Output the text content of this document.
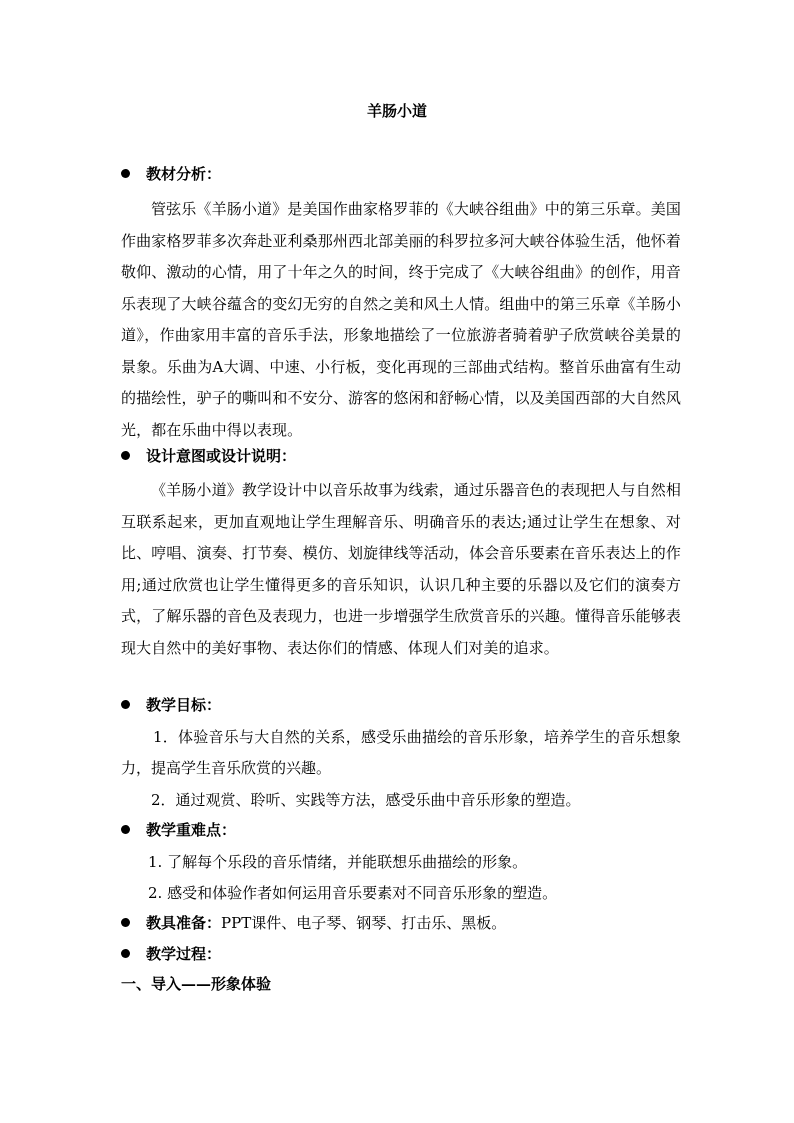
羊肠小道
教材分析：
管弦乐《羊肠小道》是美国作曲家格罗菲的《大峡谷组曲》中的第三乐章。美国作曲家格罗菲多次奔赴亚利桑那州西北部美丽的科罗拉多河大峡谷体验生活，他怀着敬仰、激动的心情，用了十年之久的时间，终于完成了《大峡谷组曲》的创作，用音乐表现了大峡谷蕴含的变幻无穷的自然之美和风土人情。组曲中的第三乐章《羊肠小道》，作曲家用丰富的音乐手法，形象地描绘了一位旅游者骑着驴子欣赏峡谷美景的景象。乐曲为A大调、中速、小行板，变化再现的三部曲式结构。整首乐曲富有生动的描绘性，驴子的嘶叫和不安分、游客的悠闲和舒畅心情，以及美国西部的大自然风光，都在乐曲中得以表现。
设计意图或设计说明：
《羊肠小道》教学设计中以音乐故事为线索，通过乐器音色的表现把人与自然相互联系起来，更加直观地让学生理解音乐、明确音乐的表达;通过让学生在想象、对比、哼唱、演奏、打节奏、模仿、划旋律线等活动，体会音乐要素在音乐表达上的作用;通过欣赏也让学生懂得更多的音乐知识，认识几种主要的乐器以及它们的演奏方式，了解乐器的音色及表现力，也进一步增强学生欣赏音乐的兴趣。懂得音乐能够表现大自然中的美好事物、表达你们的情感、体现人们对美的追求。
教学目标：
1．体验音乐与大自然的关系，感受乐曲描绘的音乐形象，培养学生的音乐想象力，提高学生音乐欣赏的兴趣。
2．通过观赏、聆听、实践等方法，感受乐曲中音乐形象的塑造。
教学重难点：
1. 了解每个乐段的音乐情绪，并能联想乐曲描绘的形象。
2. 感受和体验作者如何运用音乐要素对不同音乐形象的塑造。
教具准备：PPT课件、电子琴、钢琴、打击乐、黑板。
教学过程：
一、导入——形象体验
